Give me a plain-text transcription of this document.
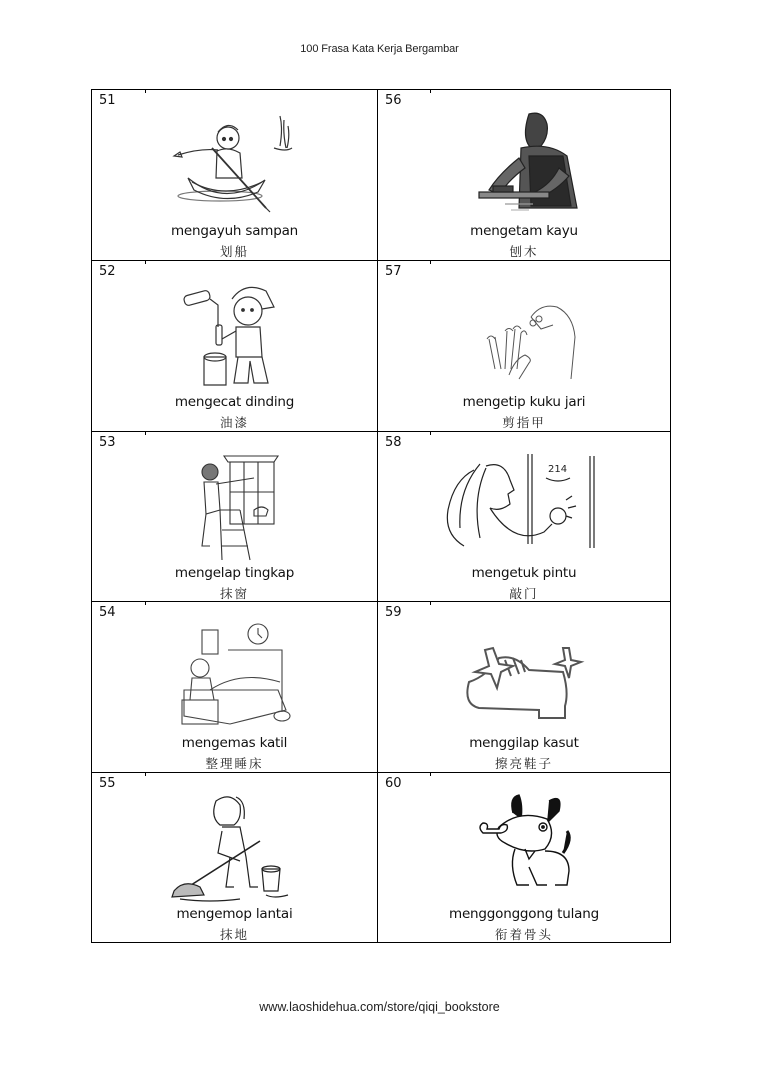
100 Frasa Kata Kerja Bergambar
51
mengayuh sampan
划船
56
mengetam kayu
刨木
52
mengecat dinding
油漆
57
mengetip kuku jari
剪指甲
53
mengelap tingkap
抹窗
58
214
mengetuk pintu
敲门
54
mengemas katil
整理睡床
59
menggilap kasut
擦亮鞋子
55
mengemop lantai
抹地
60
menggonggong tulang
衔着骨头
www.laoshidehua.com/store/qiqi_bookstore
